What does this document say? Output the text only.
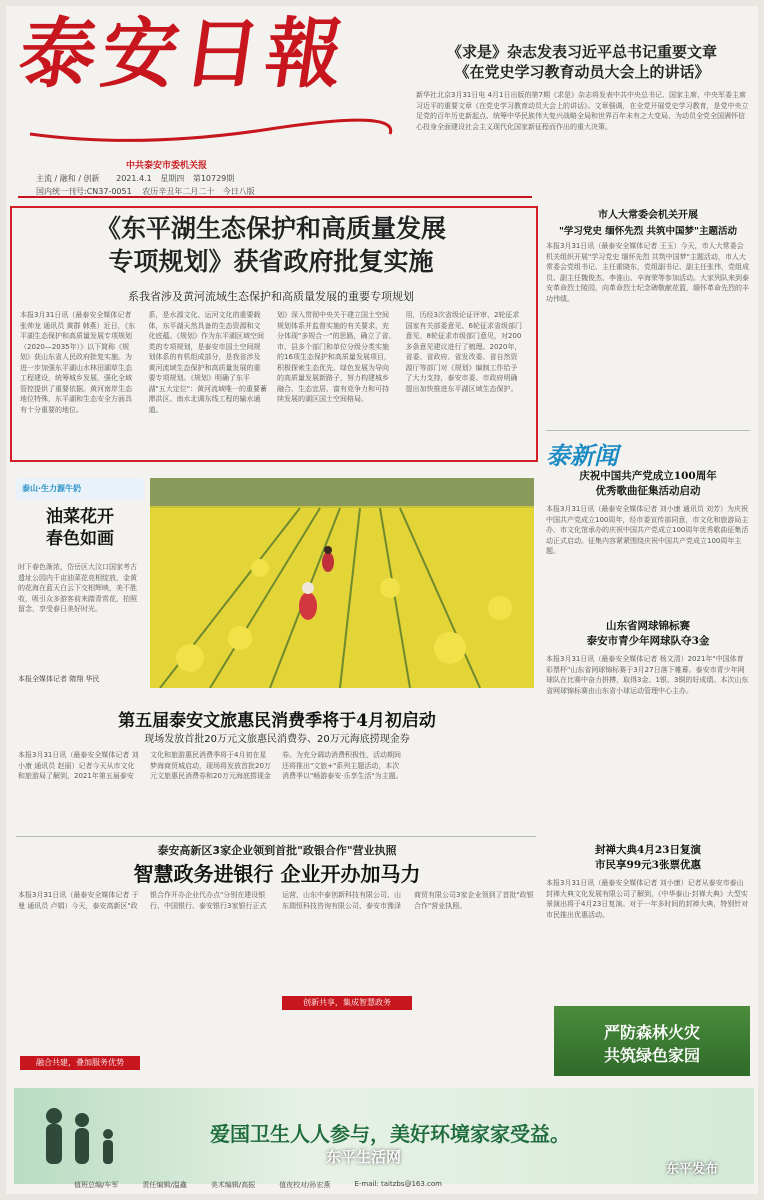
泰安日報
中共泰安市委机关报
主流 / 融和 / 创新 2021.4.1 星期四 第10729期
国内统一刊号:CN37-0051 农历辛丑年二月二十 今日八版
《求是》杂志发表习近平总书记重要文章
《在党史学习教育动员大会上的讲话》
新华社北京3月31日电 4月1日出版的第7期《求是》杂志将发表中共中央总书记、国家主席、中央军委主席习近平的重要文章《在党史学习教育动员大会上的讲话》。文章强调，在全党开展党史学习教育，是党中央立足党的百年历史新起点、统筹中华民族伟大复兴战略全局和世界百年未有之大变局、为动员全党全国满怀信心投身全面建设社会主义现代化国家新征程而作出的重大决策。
《东平湖生态保护和高质量发展
专项规划》获省政府批复实施
系我省涉及黄河流域生态保护和高质量发展的重要专项规划

本报3月31日讯（最泰安全媒体记者 张帅龙 通讯员 黄群 韩燕）近日，《东平湖生态保护和高质量发展专项规划（2020—2035年）》以下简称《规划》获山东省人民政府批复实施。为进一步加强东平湖山水林田湖草生态工程建设，统筹城乡发展，强化全域管控提供了重要依据。黄河南岸生态地位特殊，东平湖和生态安全方面具有十分重要的地位。

系，是水源文化、运河文化的重要载体，东平湖天然具备的生态资源和文化底蕴。《规划》作为东平湖区域空间类的专项规划，是泰安市国土空间规划体系的有机组成部分，是我省涉及黄河流域生态保护和高质量发展的重要专项规划。《规划》明确了东平湖"五大定位"：黄河流域唯一的重要蓄滞洪区、南水北调东线工程的输水通道。

划》深入贯彻中央关于建立国土空间规划体系并监督实施的有关要求，充分体现"多规合一"的思路，确立了省、市、县多个部门和单位分级分类实施的16项生态保护和高质量发展项目，积极探索生态优先、绿色发展为导向的高质量发展新路子，努力构建城乡融合、生态宜居、富有竞争力和可持续发展的湖区国土空间格局。

用，历经3次省级论证评审、2轮征求国家有关部委意见、6轮征求省级部门意见、8轮征求市级部门意见，对200多条意见建议进行了梳理。2020年，省委、省政府、省发改委、省自然资源厅等部门对《规划》编制工作给予了大力支持，泰安市委、市政府明确提出加快推进东平湖区域生态保护。

市人大常委会机关开展
"学习党史 缅怀先烈 共筑中国梦"主题活动
本报3月31日讯（最泰安全媒体记者 王玉）今天，市人大常委会机关组织开展"学习党史 缅怀先烈 共筑中国梦"主题活动，市人大常委会党组书记、主任霍晓东，党组副书记、副主任张伟，党组成员、副主任魏俊杰、李淮山、辛海荣等参加活动。大家列队来到泰安革命烈士陵园，向革命烈士纪念碑敬献花篮，缅怀革命先烈的丰功伟绩。
泰新闻
庆祝中国共产党成立100周年
优秀歌曲征集活动启动
本报3月31日讯（最泰安全媒体记者 刘小康 通讯员 刘芳）为庆祝中国共产党成立100周年，经市委宣传部同意，市文化和旅游局主办、市文化馆承办的庆祝中国共产党成立100周年优秀歌曲征集活动正式启动。征集内容紧紧围绕庆祝中国共产党成立100周年主题。
山东省网球锦标赛
泰安市青少年网球队夺3金
本报3月31日讯（最泰安全媒体记者 杨文清）2021年"中国体育彩票杯"山东省网球锦标赛于3月27日落下帷幕。泰安市青少年网球队在比赛中奋力拼搏，取得3金、1银、3铜的好成绩。本次山东省网球锦标赛由山东省小球运动管理中心主办。
封禅大典4月23日复演
市民享99元3张票优惠
本报3月31日讯（最泰安全媒体记者 刘小康）记者从泰安市泰山封禅大典文化发展有限公司了解到，《中华泰山·封禅大典》大型实景演出将于4月23日复演。对于一年多时间的封禅大典，特别针对市民推出优惠活动。
泰山·生力源牛奶
油菜花开
春色如画
时下春色渐浓，岱岳区大汶口国家考古遗址公园内千亩油菜花竞相绽放，金黄的花海在蓝天白云下交相辉映，美不胜收，吸引众多游客前来踏青赏花，拍照留念，享受春日美好时光。
本报全媒体记者 隋翔 华民
第五届泰安文旅惠民消费季将于4月初启动
现场发放首批20万元文旅惠民消费券、20万元海底捞现金券
本报3月31日讯（最泰安全媒体记者 刘小康 通讯员 赵丽）记者今天从市文化和旅游局了解到，2021年第五届泰安文化和旅游惠民消费季将于4月初在星梦海商贸城启动，现场将发放首批20万元文旅惠民消费券和20万元海底捞现金券。为充分调动消费积极性，活动期间还将推出"文旅+"系列主题活动，本次消费季以"畅游泰安·乐享生活"为主题。
泰安高新区3家企业领到首批"政银合作"营业执照
智慧政务进银行 企业开办加马力
本报3月31日讯（最泰安全媒体记者 于曼 通讯员 卢娟）今天，泰安高新区"政银合作开办企业代办点"分别在建设银行、中国银行、泰安银行3家银行正式运营，山东中泰创新科技有限公司、山东瑞恒科技咨询有限公司、泰安市豫泽商贸有限公司3家企业领到了首批"政银合作"营业执照。
创新共享，集成智慧政务
融合共建，叠加服务优势
严防森林火灾
共筑绿色家园
爱国卫生人人参与，美好环境家家受益。
值班总编/车军	责任编辑/温鑫	美术编辑/高振	值夜校对/孙宏燕	E-mail: taitzbs@163.com
东平生活网
东平发布
